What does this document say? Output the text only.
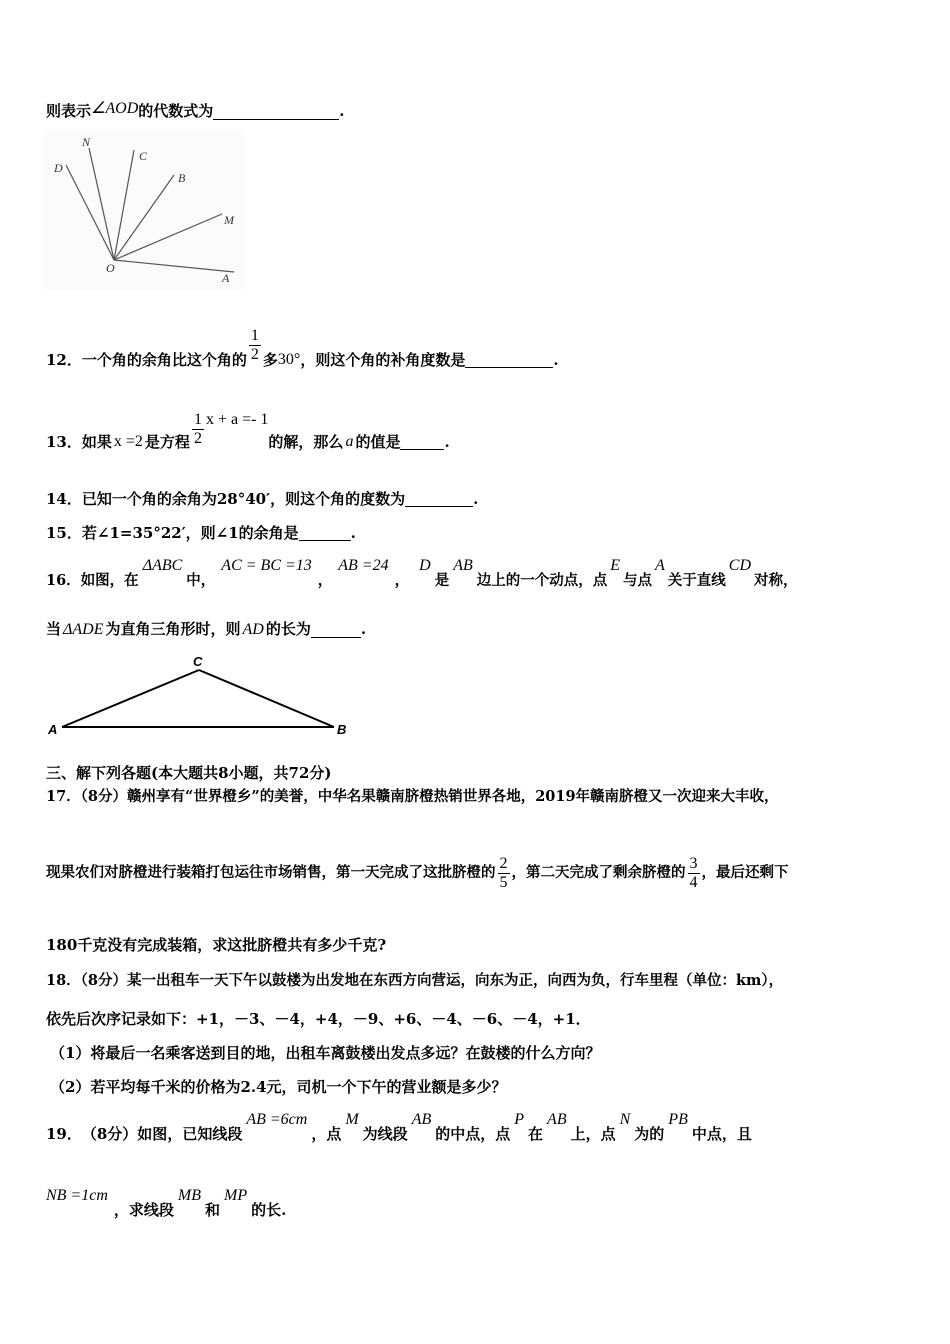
则表示∠AOD的代数式为	.
D
N
C
B
M
O
A
12． 一个角的余角比这个角的 $\frac{1}{2}$ 多 30° ，则这个角的补角度数是	.
13． 如果 x =2 是方程 $\frac{1}{2}$ x + a =- 1
的解，那么 a 的值是	.
14．已知一个角的余角为28°40′，则这个角的度数为	.
15．若∠1=35°22′，则∠1的余角是	.
16． 如图，在
ΔABC
中，
AC = BC =13
，
AB =24
，
D
是
AB
边上的一个动点，点
E
与点
A
关于直线
CD
对称，
当 ΔADE 为直角三角形时，则 AD 的长为	.
A	B
C
三、解下列各题(本大题共8小题，共72分)
17．（8分）赣州享有“世界橙乡”的美誉，中华名果赣南脐橙热销世界各地，2019年赣南脐橙又一次迎来大丰收，
现果农们对脐橙进行装箱打包运往市场销售，第一天完成了这批脐橙的 $\frac{2}{5}$ ，第二天完成了剩余脐橙的 $\frac{3}{4}$ ，最后还剩下
180千克没有完成装箱，求这批脐橙共有多少千克?
18．（8分）某一出租车一天下午以鼓楼为出发地在东西方向营运，向东为正，向西为负，行车里程（单位：km），
依先后次序记录如下：+1，－3、－4，+4，－9、+6、－4、－6、－4，+1．
（1）将最后一名乘客送到目的地，出租车离鼓楼出发点多远？在鼓楼的什么方向？
（2）若平均每千米的价格为2.4元，司机一个下午的营业额是多少？
19． （8分）如图，已知线段
AB =6cm
，点
M
为线段
AB
的中点，点
P
在
AB
上，点
N
为的
PB
中点，且
NB =1cm
，求线段
MB
和
MP
的长 .
